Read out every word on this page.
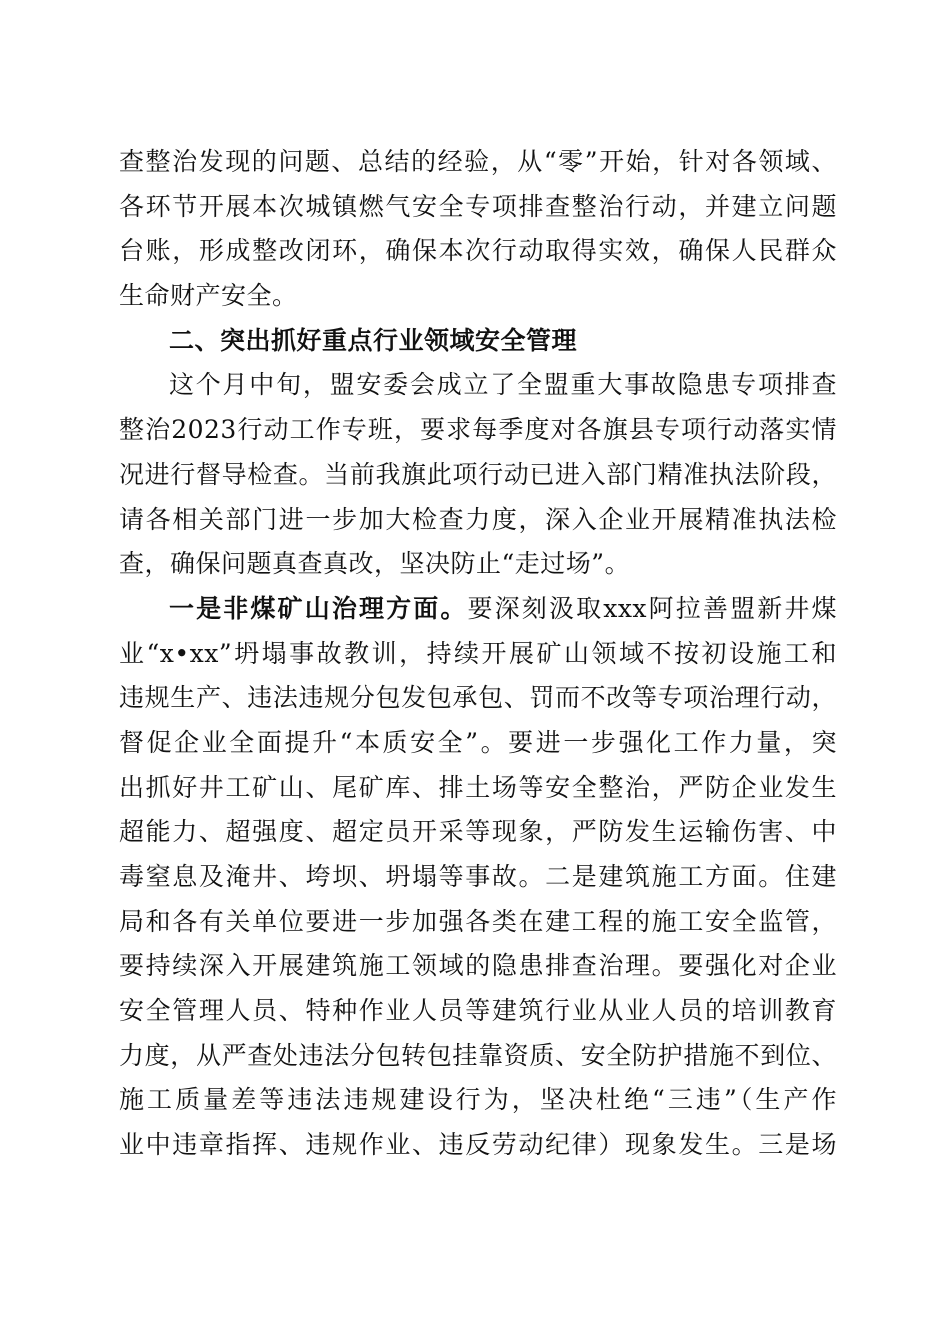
查整治发现的问题、总结的经验，从“零”开始，针对各领域、
各环节开展本次城镇燃气安全专项排查整治行动，并建立问题
台账，形成整改闭环，确保本次行动取得实效，确保人民群众
生命财产安全。
二、突出抓好重点行业领域安全管理
这个月中旬，盟安委会成立了全盟重大事故隐患专项排查
整治2023行动工作专班，要求每季度对各旗县专项行动落实情
况进行督导检查。当前我旗此项行动已进入部门精准执法阶段，
请各相关部门进一步加大检查力度，深入企业开展精准执法检
查，确保问题真查真改，坚决防止“走过场”。
一是非煤矿山治理方面。要深刻汲取xxx阿拉善盟新井煤
业“x•xx”坍塌事故教训，持续开展矿山领域不按初设施工和
违规生产、违法违规分包发包承包、罚而不改等专项治理行动，
督促企业全面提升“本质安全”。要进一步强化工作力量，突
出抓好井工矿山、尾矿库、排土场等安全整治，严防企业发生
超能力、超强度、超定员开采等现象，严防发生运输伤害、中
毒窒息及淹井、垮坝、坍塌等事故。二是建筑施工方面。住建
局和各有关单位要进一步加强各类在建工程的施工安全监管，
要持续深入开展建筑施工领域的隐患排查治理。要强化对企业
安全管理人员、特种作业人员等建筑行业从业人员的培训教育
力度，从严查处违法分包转包挂靠资质、安全防护措施不到位、
施工质量差等违法违规建设行为，坚决杜绝“三违”（生产作
业中违章指挥、违规作业、违反劳动纪律）现象发生。三是场
